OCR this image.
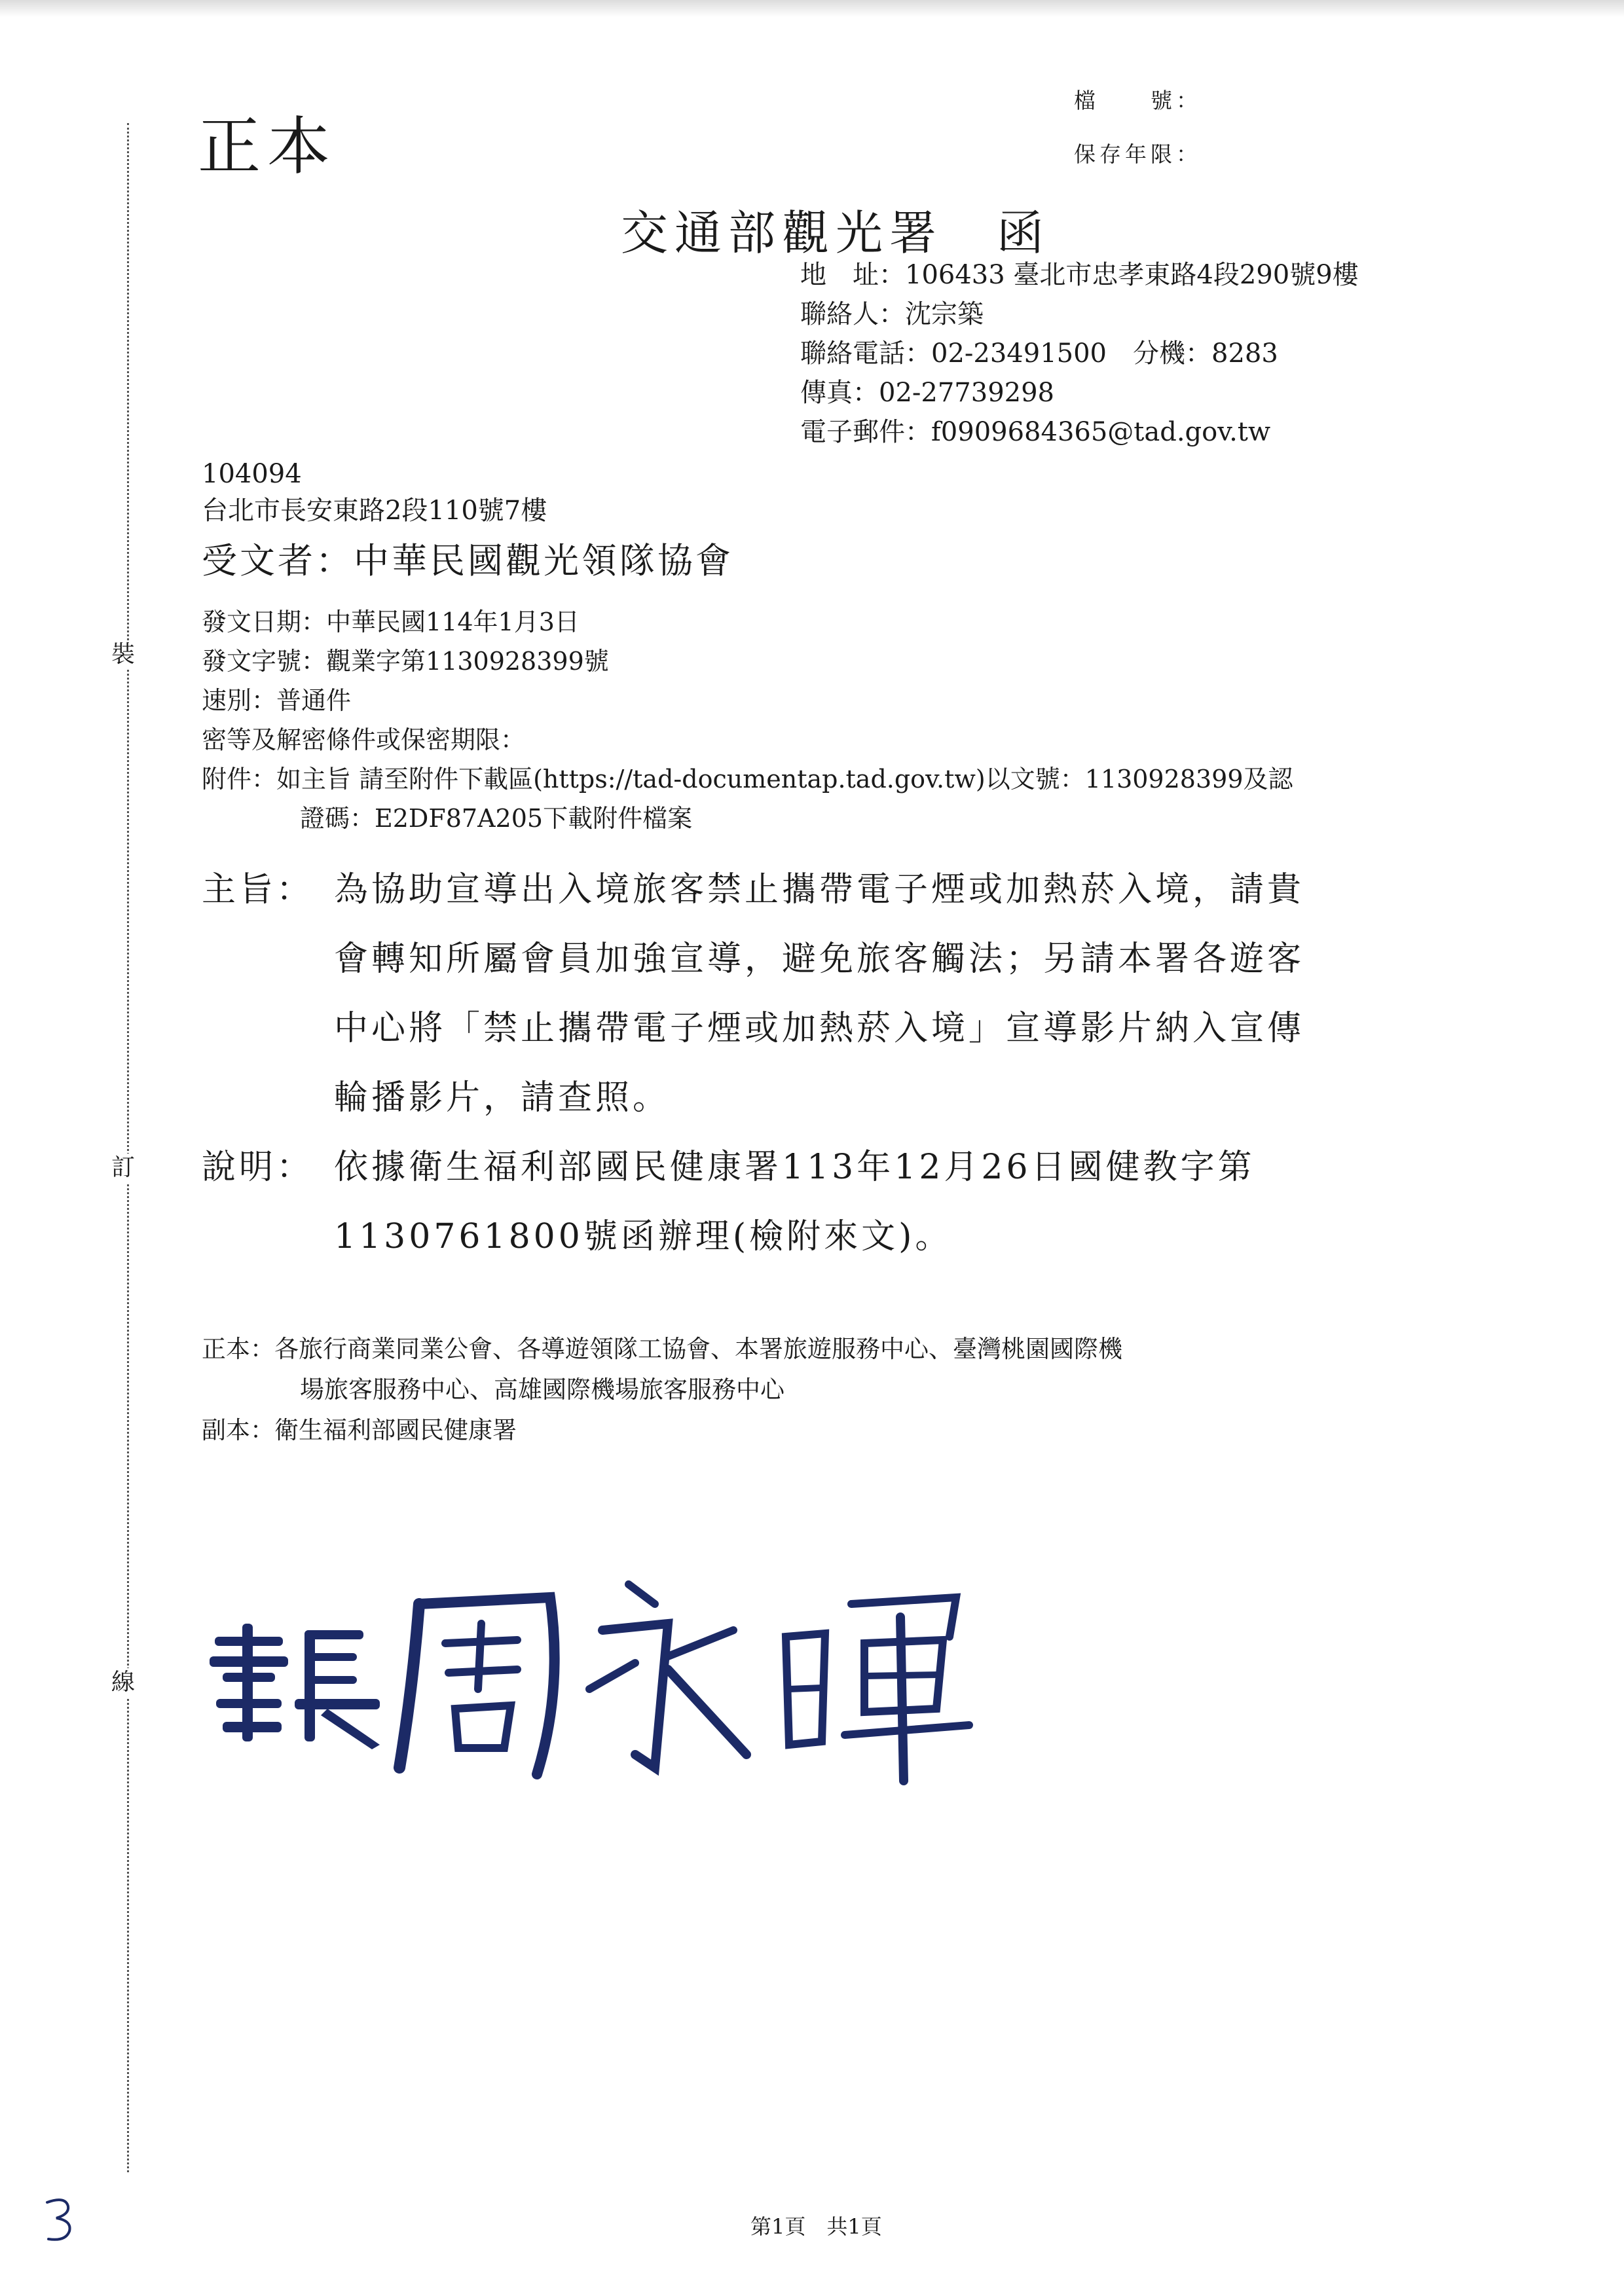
裝
訂
線
正本
檔　　號：
保存年限：
交通部觀光署　函
地　址：106433 臺北市忠孝東路4段290號9樓
聯絡人：沈宗築
聯絡電話：02-23491500　分機：8283
傳真：02-27739298
電子郵件：f0909684365@tad.gov.tw
104094
台北市長安東路2段110號7樓
受文者：中華民國觀光領隊協會
發文日期：中華民國114年1月3日
發文字號：觀業字第1130928399號
速別：普通件
密等及解密條件或保密期限：
附件：如主旨 請至附件下載區(https://tad-documentap.tad.gov.tw)以文號：1130928399及認
證碼：E2DF87A205下載附件檔案
主旨： 為協助宣導出入境旅客禁止攜帶電子煙或加熱菸入境，請貴
會轉知所屬會員加強宣導，避免旅客觸法；另請本署各遊客
中心將「禁止攜帶電子煙或加熱菸入境」宣導影片納入宣傳
輪播影片，請查照。
說明： 依據衛生福利部國民健康署113年12月26日國健教字第
1130761800號函辦理(檢附來文)。
正本：各旅行商業同業公會、各導遊領隊工協會、本署旅遊服務中心、臺灣桃園國際機
場旅客服務中心、高雄國際機場旅客服務中心
副本：衛生福利部國民健康署
第1頁　共1頁
